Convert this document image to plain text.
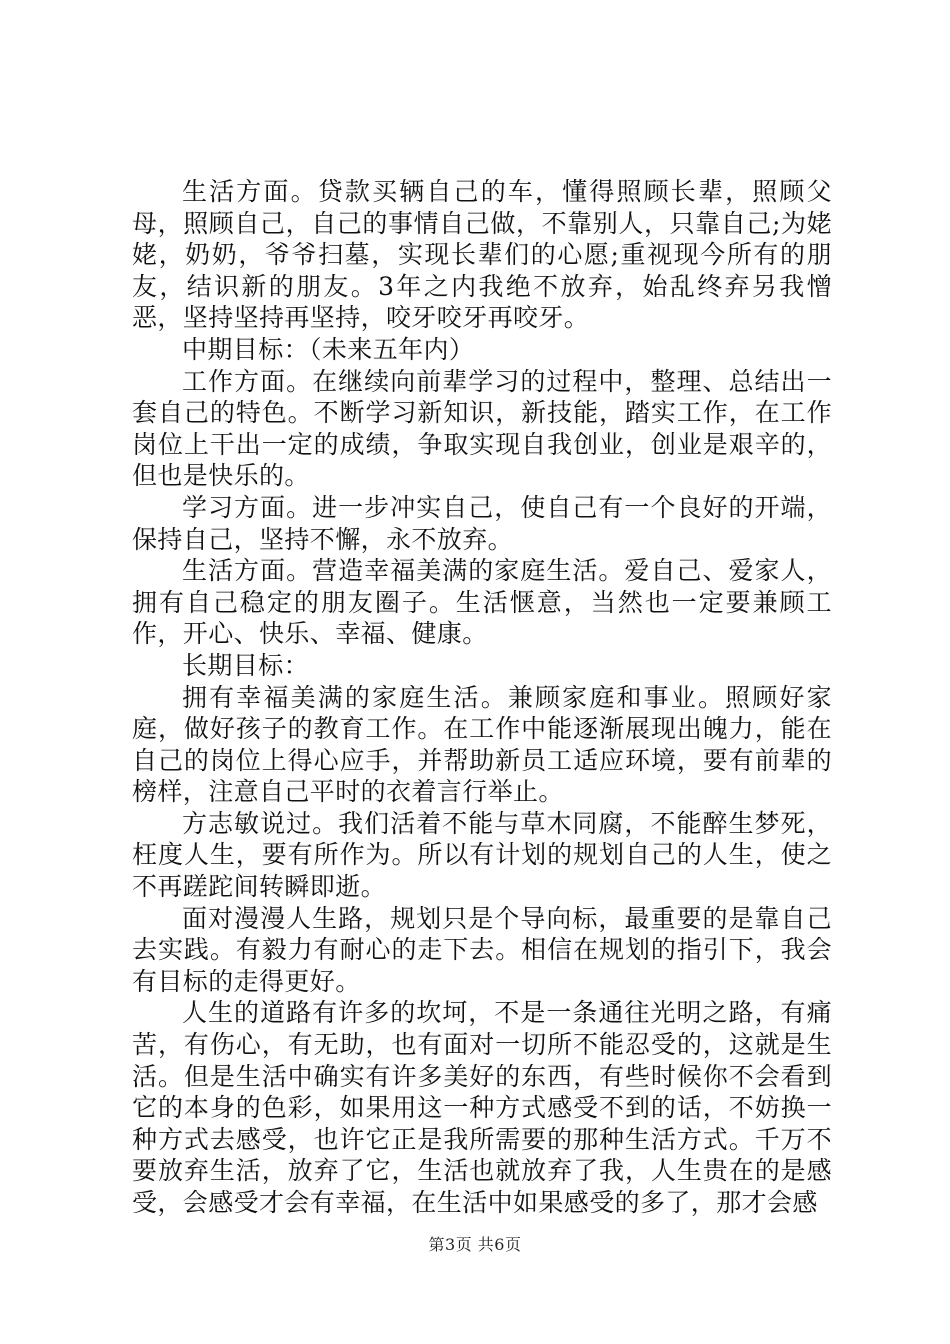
生活方面。贷款买辆自己的车，懂得照顾长辈，照顾父母，照顾自己，自己的事情自己做，不靠别人，只靠自己;为姥姥，奶奶，爷爷扫墓，实现长辈们的心愿;重视现今所有的朋友，结识新的朋友。3年之内我绝不放弃，始乱终弃另我憎恶，坚持坚持再坚持，咬牙咬牙再咬牙。

中期目标：（未来五年内）

工作方面。在继续向前辈学习的过程中，整理、总结出一套自己的特色。不断学习新知识，新技能，踏实工作，在工作岗位上干出一定的成绩，争取实现自我创业，创业是艰辛的，但也是快乐的。

学习方面。进一步冲实自己，使自己有一个良好的开端，保持自己，坚持不懈，永不放弃。

生活方面。营造幸福美满的家庭生活。爱自己、爱家人，拥有自己稳定的朋友圈子。生活惬意，当然也一定要兼顾工作，开心、快乐、幸福、健康。

长期目标：

拥有幸福美满的家庭生活。兼顾家庭和事业。照顾好家庭，做好孩子的教育工作。在工作中能逐渐展现出魄力，能在自己的岗位上得心应手，并帮助新员工适应环境，要有前辈的榜样，注意自己平时的衣着言行举止。

方志敏说过。我们活着不能与草木同腐，不能醉生梦死，枉度人生，要有所作为。所以有计划的规划自己的人生，使之不再蹉跎间转瞬即逝。

面对漫漫人生路，规划只是个导向标，最重要的是靠自己去实践。有毅力有耐心的走下去。相信在规划的指引下，我会有目标的走得更好。

人生的道路有许多的坎坷，不是一条通往光明之路，有痛苦，有伤心，有无助，也有面对一切所不能忍受的，这就是生活。但是生活中确实有许多美好的东西，有些时候你不会看到它的本身的色彩，如果用这一种方式感受不到的话，不妨换一种方式去感受，也许它正是我所需要的那种生活方式。千万不要放弃生活，放弃了它，生活也就放弃了我，人生贵在的是感受，会感受才会有幸福，在生活中如果感受的多了，那才会感

第3页 共6页
